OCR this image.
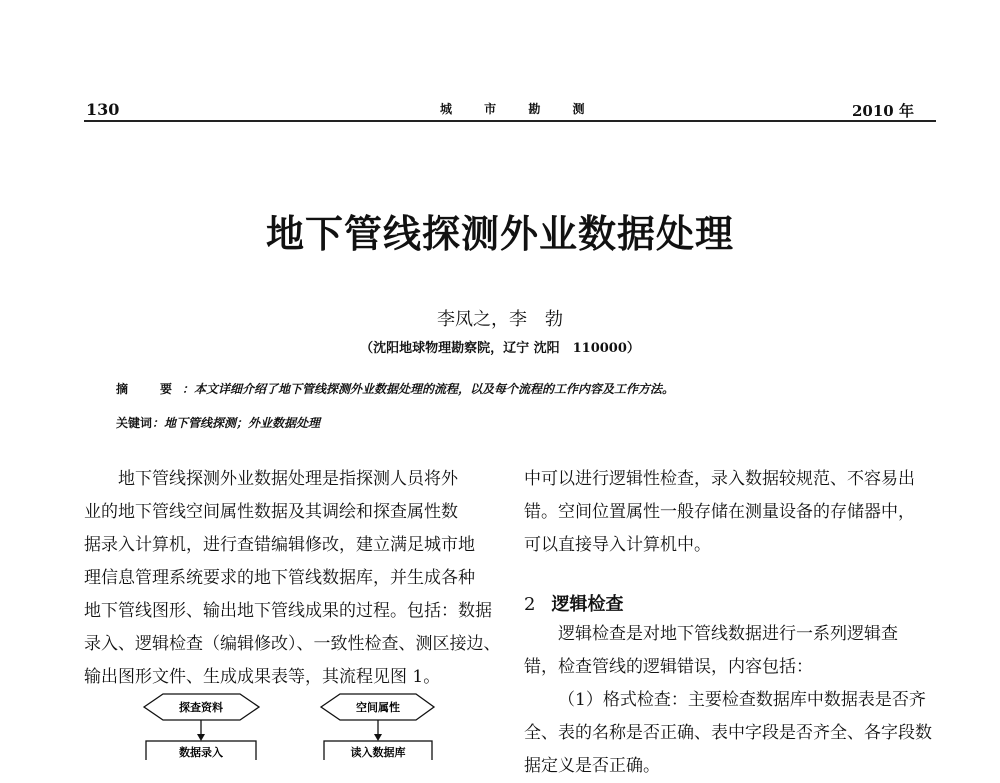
130	城 市 勘 测	2010 年
地下管线探测外业数据处理
李凤之，李　勃
（沈阳地球物理勘察院，辽宁 沈阳　110000）
摘　要：本文详细介绍了地下管线探测外业数据处理的流程，以及每个流程的工作内容及工作方法。
关键词：地下管线探测；外业数据处理

地下管线探测外业数据处理是指探测人员将外
业的地下管线空间属性数据及其调绘和探查属性数
据录入计算机，进行查错编辑修改，建立满足城市地
理信息管理系统要求的地下管线数据库，并生成各种
地下管线图形、输出地下管线成果的过程。包括：数据
录入、逻辑检查（编辑修改）、一致性检查、测区接边、
输出图形文件、生成成果表等，其流程见图 1。

中可以进行逻辑性检查，录入数据较规范、不容易出
错。空间位置属性一般存储在测量设备的存储器中，
可以直接导入计算机中。

2 逻辑检查

逻辑检查是对地下管线数据进行一系列逻辑查
错，检查管线的逻辑错误，内容包括：
（1）格式检查：主要检查数据库中数据表是否齐
全、表的名称是否正确、表中字段是否齐全、各字段数
据定义是否正确。

探查资料	空间属性
数据录入	读入数据库
